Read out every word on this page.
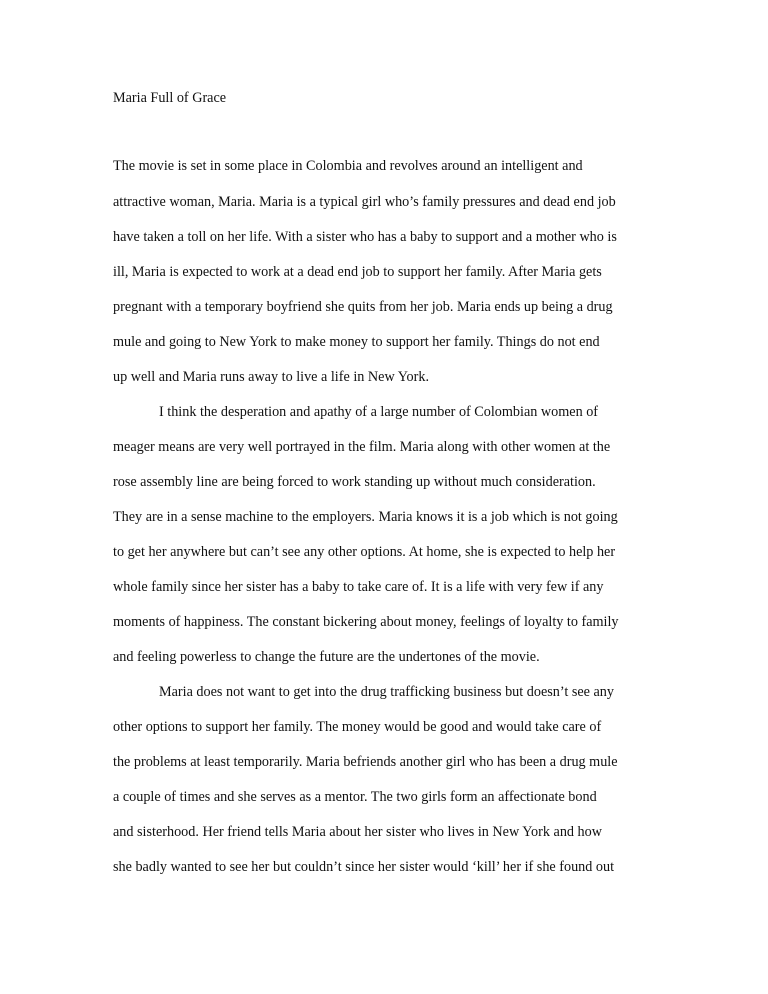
Maria Full of Grace
The movie is set in some place in Colombia and revolves around an intelligent and
attractive woman, Maria. Maria is a typical girl who’s family pressures and dead end job
have taken a toll on her life. With a sister who has a baby to support and a mother who is
ill, Maria is expected to work at a dead end job to support her family. After Maria gets
pregnant with a temporary boyfriend she quits from her job. Maria ends up being a drug
mule and going to New York to make money to support her family. Things do not end
up well and Maria runs away to live a life in New York.
I think the desperation and apathy of a large number of Colombian women of
meager means are very well portrayed in the film. Maria along with other women at the
rose assembly line are being forced to work standing up without much consideration.
They are in a sense machine to the employers. Maria knows it is a job which is not going
to get her anywhere but can’t see any other options. At home, she is expected to help her
whole family since her sister has a baby to take care of. It is a life with very few if any
moments of happiness. The constant bickering about money, feelings of loyalty to family
and feeling powerless to change the future are the undertones of the movie.
Maria does not want to get into the drug trafficking business but doesn’t see any
other options to support her family. The money would be good and would take care of
the problems at least temporarily. Maria befriends another girl who has been a drug mule
a couple of times and she serves as a mentor. The two girls form an affectionate bond
and sisterhood. Her friend tells Maria about her sister who lives in New York and how
she badly wanted to see her but couldn’t since her sister would ‘kill’ her if she found out
